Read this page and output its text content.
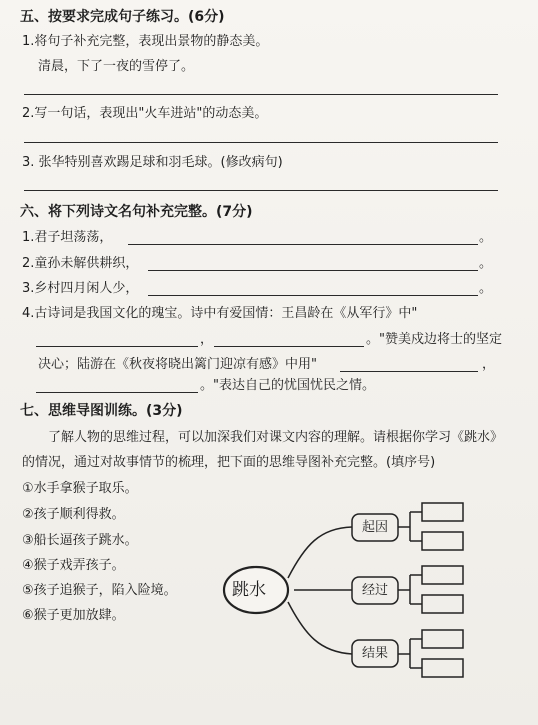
五、按要求完成句子练习。(6分)
1.将句子补充完整，表现出景物的静态美。
清晨，下了一夜的雪停了。
2.写一句话，表现出"火车进站"的动态美。
3. 张华特别喜欢踢足球和羽毛球。(修改病句)
六、将下列诗文名句补充完整。(7分)
1.君子坦荡荡，	。
2.童孙未解供耕织，	。
3.乡村四月闲人少，	。
4.古诗词是我国文化的瑰宝。诗中有爱国情：王昌龄在《从军行》中"
，	。"赞美戍边将士的坚定
决心；陆游在《秋夜将晓出篱门迎凉有感》中用"	，
。"表达自己的忧国忧民之情。
七、思维导图训练。(3分)
了解人物的思维过程，可以加深我们对课文内容的理解。请根据你学习《跳水》
的情况，通过对故事情节的梳理，把下面的思维导图补充完整。(填序号)
①水手拿猴子取乐。
②孩子顺利得救。
③船长逼孩子跳水。
④猴子戏弄孩子。
⑤孩子追猴子，陷入险境。
⑥猴子更加放肆。
跳水
起因
经过
结果
